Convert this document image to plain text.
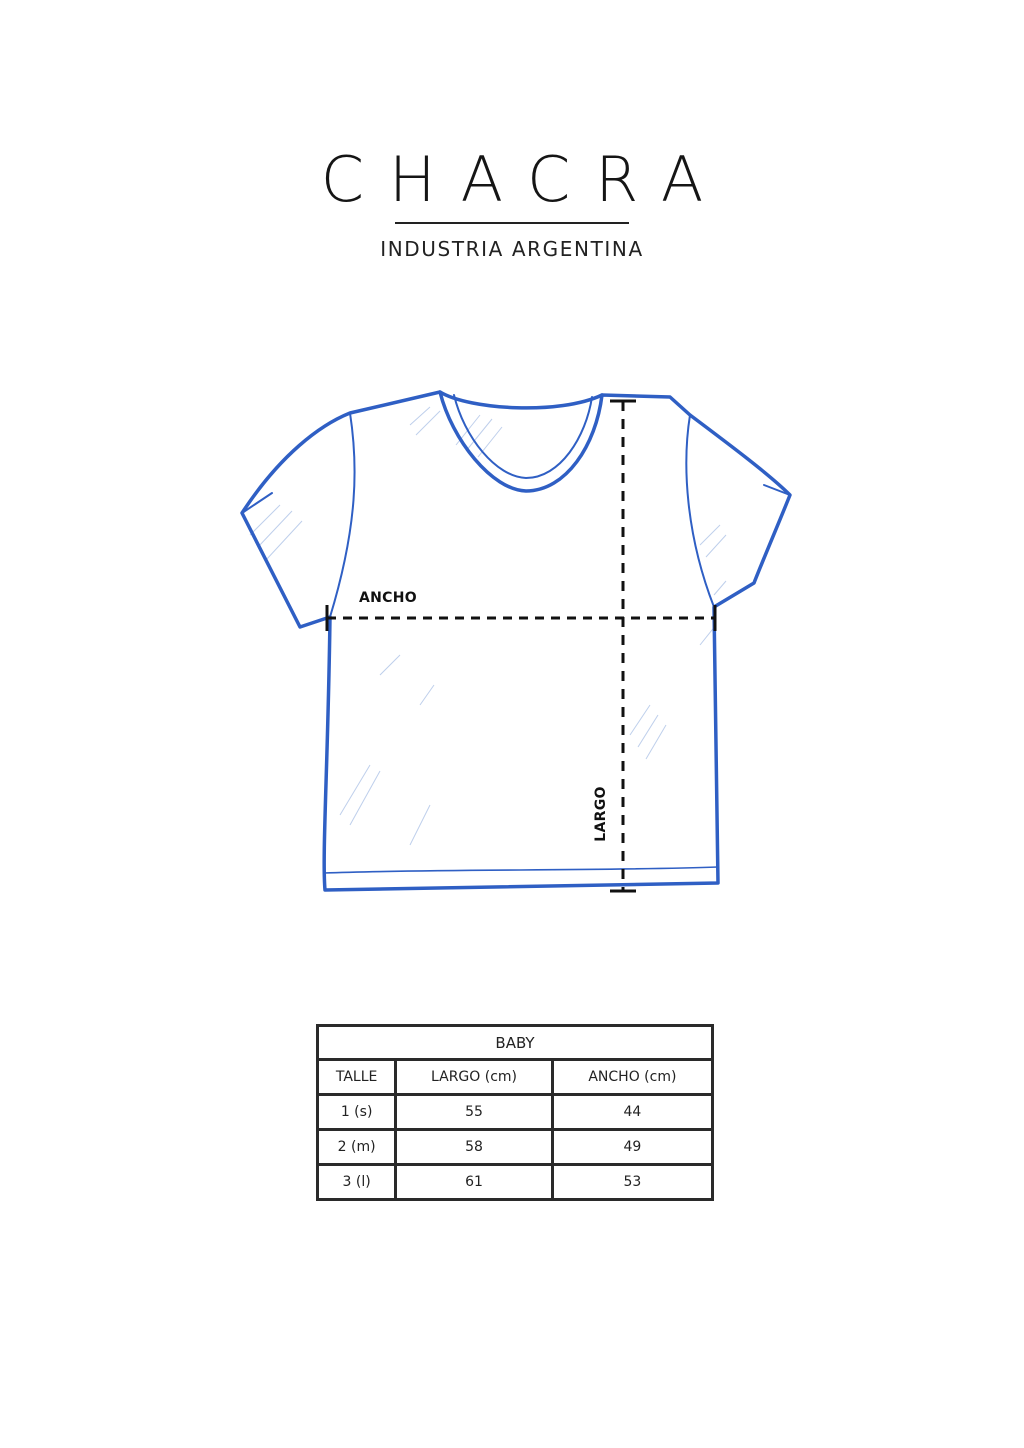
CHACRA
INDUSTRIA ARGENTINA
ANCHO
LARGO
BABY		
TALLE	LARGO (cm)	ANCHO (cm)
1 (s)	55	44
2 (m)	58	49
3 (l)	61	53
